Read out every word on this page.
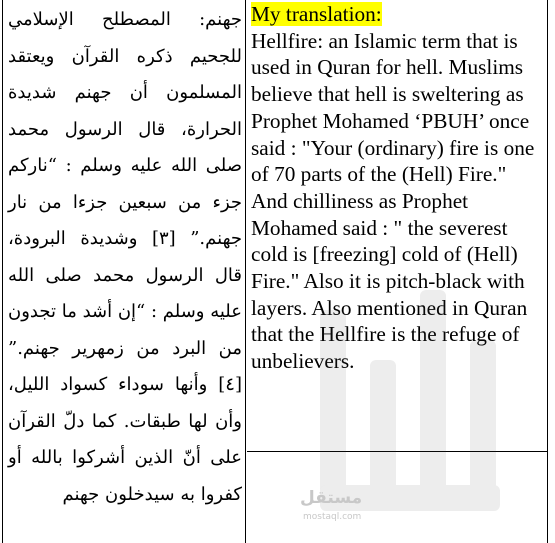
جهنم: المصطلح الإسلامي للجحيم ذكره القرآن ويعتقد المسلمون أن جهنم شديدة الحرارة، قال الرسول محمد صلى الله عليه وسلم : “ناركم جزء من سبعين جزءا من نار جهنم.” [٣] وشديدة البرودة، قال الرسول محمد صلى الله عليه وسلم : “إن أشد ما تجدون من البرد من زمهرير جهنم.” [٤] وأنها سوداء كسواد الليل، وأن لها طبقات. كما دلّ القرآن على أنّ الذين أشركوا بالله أو كفروا به سيدخلون جهنم

My translation:
Hellfire: an Islamic term that is used in Quran for hell. Muslims believe that hell is sweltering as Prophet Mohamed ‘PBUH’ once said : "Your (ordinary) fire is one of 70 parts of the (Hell) Fire." And chilliness as Prophet Mohamed said : " the severest cold is [freezing] cold of (Hell) Fire." Also it is pitch-black with layers. Also mentioned in Quran that the Hellfire is the refuge of unbelievers.
مستقل
mostaql.com
